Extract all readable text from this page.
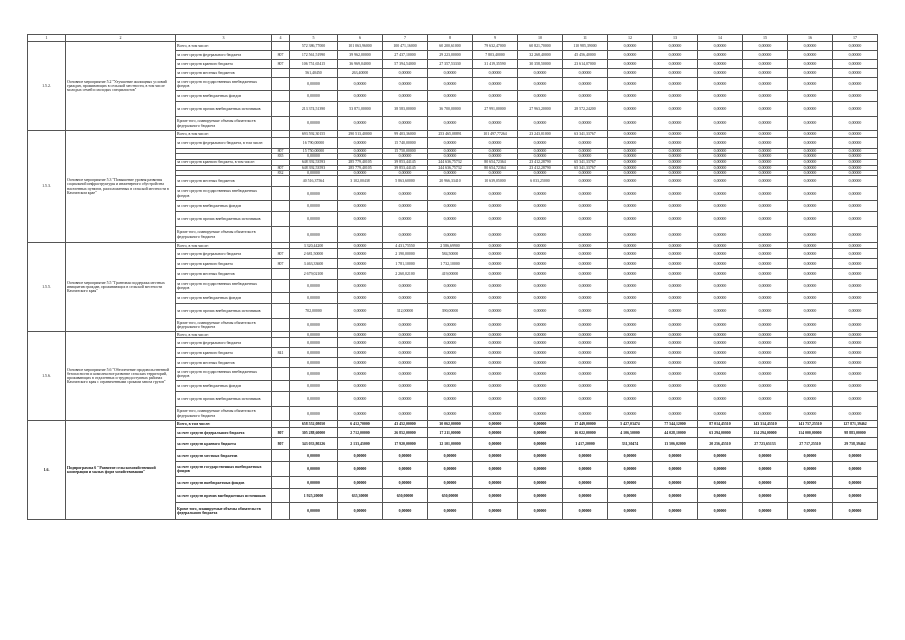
1	2	3	4	5	6	7	8	9	10	11	12	13	14	15	16	17
1.5.2.	Основное мероприятие 5.2 "Улучшение жилищных условий граждан, проживающих в сельской местности, в том числе молодых семей и молодых специалистов"	Всего, в том числе:		572 386,77000	101 063,96000	100 471,16000	60 200,61000	79 632,47000	60 821,70000	110 985,39000	0,00000	0,00000	0,00000	0,00000	0,00000	0,00000
		за счет средств федерального бюджета	807	172 561,51990	39 962,00000	27 437,10000	29 223,00000	7 803,40000	32 268,40000	45 456,40000	0,00000	0,00000	0,00000	0,00000	0,00000	0,00000
		за счет средств краевого бюджета	807	106 751,65415	36 969,04000	57 394,54000	27 357,53330	31 419,35590	30 358,50000	23 614,07000	0,00000	0,00000	0,00000	0,00000	0,00000	0,00000
		за счет средств местных бюджетов		561,40450	263,40000	0,00000	0,00000	0,00000	0,00000	0,00000	0,00000	0,00000	0,00000	0,00000	0,00000	0,00000
		за счет средств государственных внебюджетных фондов		0,00000	0,00000	0,00000	0,00000	0,00000	0,00000	0,00000	0,00000	0,00000	0,00000	0,00000	0,00000	0,00000
		за счет средств внебюджетных фондов		0,00000	0,00000	0,00000	0,00000	0,00000	0,00000	0,00000	0,00000	0,00000	0,00000	0,00000	0,00000	0,00000
		за счет средств прочих внебюджетных источников		213 374,51390	53 871,00000	38 583,00000	36 700,00000	27 991,00000	27 963,20000	28 572,24200	0,00000	0,00000	0,00000	0,00000	0,00000	0,00000
		Кроме того, планируемые объемы обязательств федерального бюджета		0,00000	0,00000	0,00000	0,00000	0,00000	0,00000	0,00000	0,00000	0,00000	0,00000	0,00000	0,00000	0,00000
1.5.3.	Основное мероприятие 5.3 "Повышение уровня развития социальной инфраструктуры и инженерного обустройства населенных пунктов, расположенных в сельской местности в Камчатском крае"	Всего, в том числе:		693 592,30155	290 513,40000	99 403,36000	253 465,08891	101 497,77264	23 243,01000	63 341,33767	0,00000	0,00000	0,00000	0,00000	0,00000	0,00000
		за счет средств федерального бюджета, в том числе:		16 790,00000	0,00000	15 740,00000	0,00000	0,00000	0,00000	0,00000	0,00000	0,00000	0,00000	0,00000	0,00000	0,00000
			807	15 750,00000	0,00000	15 750,00000	0,00000	0,00000	0,00000	0,00000	0,00000	0,00000	0,00000	0,00000	0,00000	0,00000
			835	0,00000	0,00000	0,00000	0,00000	0,00000	0,00000	0,00000	0,00000	0,00000	0,00000	0,00000	0,00000	0,00000
		за счет средств краевого бюджета, в том числе:		648 392,53593	285 779,40105	39 853,44145	244 636,75732	80 654,72364	23 412,28790	65 341,33767	0,00000	0,00000	0,00000	0,00000	0,00000	0,00000
			807	648 392,53593	285 779,40105	39 853,44145	244 636,75732	80 654,72364	23 412,28790	65 341,33767	0,00000	0,00000	0,00000	0,00000	0,00000	0,00000
			832	0,00000	0,00000	0,00000	0,00000	0,00000	0,00000	0,00000	0,00000	0,00000	0,00000	0,00000	0,00000	0,00000
		за счет средств местных бюджетов		40 516,37564	3 102,00438	5 863,60000	20 966,33410	10 639,05000	6 033,25000	0,00000	0,00000	0,00000	0,00000	0,00000	0,00000	0,00000
		за счет средств государственных внебюджетных фондов		0,00000	0,00000	0,00000	0,00000	0,00000	0,00000	0,00000	0,00000	0,00000	0,00000	0,00000	0,00000	0,00000
		за счет средств внебюджетных фондов		0,00000	0,00000	0,00000	0,00000	0,00000	0,00000	0,00000	0,00000	0,00000	0,00000	0,00000	0,00000	0,00000
		за счет средств прочих внебюджетных источников		0,00000	0,00000	0,00000	0,00000	0,00000	0,00000	0,00000	0,00000	0,00000	0,00000	0,00000	0,00000	0,00000
		Кроме того, планируемые объемы обязательств федерального бюджета		0,00000	0,00000	0,00000	0,00000	0,00000	0,00000	0,00000	0,00000	0,00000	0,00000	0,00000	0,00000	0,00000
1.5.5.	Основное мероприятие 5.5 "Грантовая поддержка местных инициатив граждан, проживающих в сельской местности Камчатского края"	Всего, в том числе:		3 320,44200	0,00000	4 431,75550	2 586,69900	0,00000	0,00000	0,00000	0,00000	0,00000	0,00000	0,00000	0,00000	0,00000
		за счет средств федерального бюджета	807	2 681,50000	0,00000	2 190,00000	584,50000	0,00000	0,00000	0,00000	0,00000	0,00000	0,00000	0,00000	0,00000	0,00000
		за счет средств краевого бюджета	807	3 463,33600	0,00000	1 781,10000	1 732,10000	0,00000	0,00000	0,00000	0,00000	0,00000	0,00000	0,00000	0,00000	0,00000
		за счет средств местных бюджетов		2 679,02100	0,00000	2 260,02100	419,00000	0,00000	0,00000	0,00000	0,00000	0,00000	0,00000	0,00000	0,00000	0,00000
		за счет средств государственных внебюджетных фондов		0,00000	0,00000	0,00000	0,00000	0,00000	0,00000	0,00000	0,00000	0,00000	0,00000	0,00000	0,00000	0,00000
		за счет средств внебюджетных фондов		0,00000	0,00000	0,00000	0,00000	0,00000	0,00000	0,00000	0,00000	0,00000	0,00000	0,00000	0,00000	0,00000
		за счет средств прочих внебюджетных источников		702,00000	0,00000	312,00000	390,00000	0,00000	0,00000	0,00000	0,00000	0,00000	0,00000	0,00000	0,00000	0,00000
		Кроме того, планируемые объемы обязательств федерального бюджета		0,00000	0,00000	0,00000	0,00000	0,00000	0,00000	0,00000	0,00000	0,00000	0,00000	0,00000	0,00000	0,00000
1.5.6.	Основное мероприятие 5.6 "Обеспечение продовольственной безопасности и комплексное развитие сельских территорий, проживающих в отдаленных и труднодоступных районах Камчатского края с ограниченными сроками завоза грузов"	Всего, в том числе:		0,00000	0,00000	0,00000	0,00000	0,00000	0,00000	0,00000	0,00000	0,00000	0,00000	0,00000	0,00000	0,00000
		за счет средств федерального бюджета		0,00000	0,00000	0,00000	0,00000	0,00000	0,00000	0,00000	0,00000	0,00000	0,00000	0,00000	0,00000	0,00000
		за счет средств краевого бюджета	841	0,00000	0,00000	0,00000	0,00000	0,00000	0,00000	0,00000	0,00000	0,00000	0,00000	0,00000	0,00000	0,00000
		за счет средств местных бюджетов		0,00000	0,00000	0,00000	0,00000	0,00000	0,00000	0,00000	0,00000	0,00000	0,00000	0,00000	0,00000	0,00000
		за счет средств государственных внебюджетных фондов		0,00000	0,00000	0,00000	0,00000	0,00000	0,00000	0,00000	0,00000	0,00000	0,00000	0,00000	0,00000	0,00000
		за счет средств внебюджетных фондов		0,00000	0,00000	0,00000	0,00000	0,00000	0,00000	0,00000	0,00000	0,00000	0,00000	0,00000	0,00000	0,00000
		за счет средств прочих внебюджетных источников		0,00000	0,00000	0,00000	0,00000	0,00000	0,00000	0,00000	0,00000	0,00000	0,00000	0,00000	0,00000	0,00000
		Кроме того, планируемые объемы обязательств федерального бюджета		0,00000	0,00000	0,00000	0,00000	0,00000	0,00000	0,00000	0,00000	0,00000	0,00000	0,00000	0,00000	0,00000
1.6.	Подпрограмма 6 "Развитие сельскохозяйственной кооперации и малых форм хозяйствования"	Всего, в том числе:		658 552,08050	6 412,70000	43 452,00000	30 062,00000	0,00000	0,00000	17 449,00000	5 427,03474	77 544,12000	87 014,45510	143 314,45510	141 757,25510	127 871,39462
		за счет средств федерального бюджета	807	305 288,60000	2 712,00000	26 852,00000	17 211,00000	0,00000	0,00000	16 022,00000	4 106,50000	44 028,10000	63 294,00000	114 294,00000	114 000,00000	98 883,00000
		за счет средств краевого бюджета	807	343 033,80226	2 133,45000	17 920,00000	12 101,00000	0,00000	0,00000	1 417,20000	331,30474	13 506,02000	20 256,45510	27 723,65133	27 717,25510	29 758,39462
		за счет средств местных бюджетов		0,00000	0,00000	0,00000	0,00000	0,00000	0,00000	0,00000	0,00000	0,00000	0,00000	0,00000	0,00000	0,00000
		за счет средств государственных внебюджетных фондов		0,00000	0,00000	0,00000	0,00000	0,00000	0,00000	0,00000	0,00000	0,00000	0,00000	0,00000	0,00000	0,00000
		за счет средств внебюджетных фондов		0,00000	0,00000	0,00000	0,00000	0,00000	0,00000	0,00000	0,00000	0,00000	0,00000	0,00000	0,00000	0,00000
		за счет средств прочих внебюджетных источников		1 925,20000	635,30000	650,00000	650,00000	0,00000	0,00000	0,00000	0,00000	0,00000	0,00000	0,00000	0,00000	0,00000
		Кроме того, планируемые объемы обязательств федерального бюджета		0,00000	0,00000	0,00000	0,00000	0,00000	0,00000	0,00000	0,00000	0,00000	0,00000	0,00000	0,00000	0,00000
